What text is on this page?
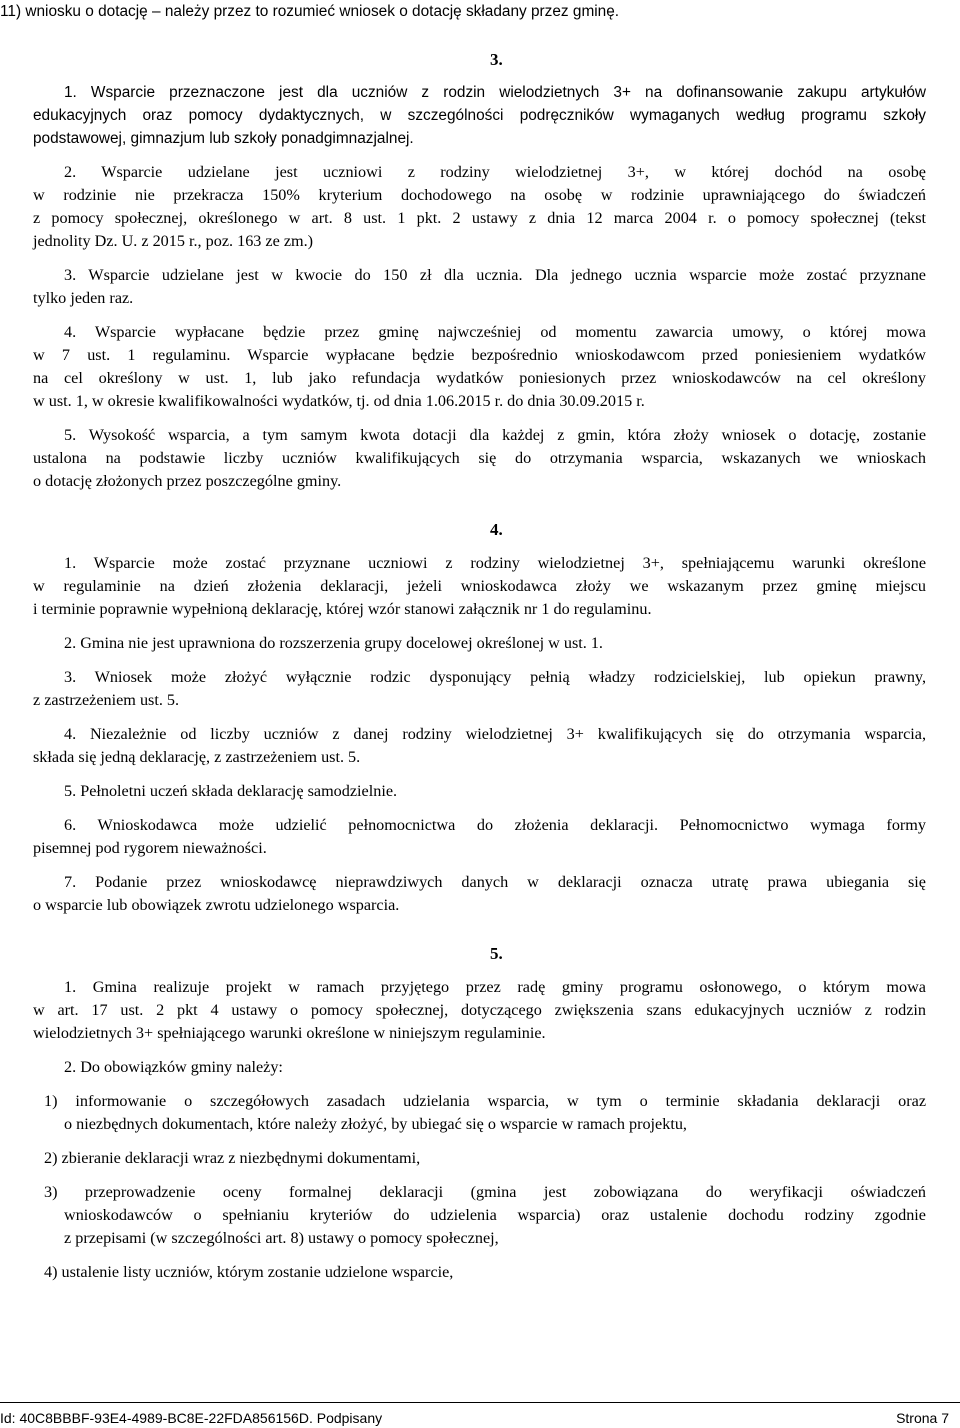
11) wniosku o dotację – należy przez to rozumieć wniosek o dotację składany przez gminę.
1. Wsparcie przeznaczone jest dla uczniów z rodzin wielodzietnych 3+ na dofinansowanie zakupu artykułów
edukacyjnych oraz pomocy dydaktycznych, w szczególności podręczników wymaganych według programu szkoły
podstawowej, gimnazjum lub szkoły ponadgimnazjalnej.
2. Wsparcie udzielane jest uczniowi z rodziny wielodzietnej 3+, w której dochód na osobę
w rodzinie nie przekracza 150% kryterium dochodowego na osobę w rodzinie uprawniającego do świadczeń
z pomocy społecznej, określonego w art. 8 ust. 1 pkt. 2 ustawy z dnia 12 marca 2004 r. o pomocy społecznej (tekst
jednolity Dz. U. z 2015 r., poz. 163 ze zm.)
3. Wsparcie udzielane jest w kwocie do 150 zł dla ucznia. Dla jednego ucznia wsparcie może zostać przyznane
tylko jeden raz.
4. Wsparcie wypłacane będzie przez gminę najwcześniej od momentu zawarcia umowy, o której mowa
w 7 ust. 1 regulaminu. Wsparcie wypłacane będzie bezpośrednio wnioskodawcom przed poniesieniem wydatków
na cel określony w ust. 1, lub jako refundacja wydatków poniesionych przez wnioskodawców na cel określony
w ust. 1, w okresie kwalifikowalności wydatków, tj. od dnia 1.06.2015 r. do dnia 30.09.2015 r.
5. Wysokość wsparcia, a tym samym kwota dotacji dla każdej z gmin, która złoży wniosek o dotację, zostanie
ustalona na podstawie liczby uczniów kwalifikujących się do otrzymania wsparcia, wskazanych we wnioskach
o dotację złożonych przez poszczególne gminy.
1. Wsparcie może zostać przyznane uczniowi z rodziny wielodzietnej 3+, spełniającemu warunki określone
w regulaminie na dzień złożenia deklaracji, jeżeli wnioskodawca złoży we wskazanym przez gminę miejscu
i terminie poprawnie wypełnioną deklarację, której wzór stanowi załącznik nr 1 do regulaminu.
2. Gmina nie jest uprawniona do rozszerzenia grupy docelowej określonej w ust. 1.
3. Wniosek może złożyć wyłącznie rodzic dysponujący pełnią władzy rodzicielskiej, lub opiekun prawny,
z zastrzeżeniem ust. 5.
4. Niezależnie od liczby uczniów z danej rodziny wielodzietnej 3+ kwalifikujących się do otrzymania wsparcia,
składa się jedną deklarację, z zastrzeżeniem ust. 5.
5. Pełnoletni uczeń składa deklarację samodzielnie.
6. Wnioskodawca może udzielić pełnomocnictwa do złożenia deklaracji. Pełnomocnictwo wymaga formy
pisemnej pod rygorem nieważności.
7. Podanie przez wnioskodawcę nieprawdziwych danych w deklaracji oznacza utratę prawa ubiegania się
o wsparcie lub obowiązek zwrotu udzielonego wsparcia.
1. Gmina realizuje projekt w ramach przyjętego przez radę gminy programu osłonowego, o którym mowa
w art. 17 ust. 2 pkt 4 ustawy o pomocy społecznej, dotyczącego zwiększenia szans edukacyjnych uczniów z rodzin
wielodzietnych 3+ spełniającego warunki określone w niniejszym regulaminie.
2. Do obowiązków gminy należy:
1) informowanie o szczegółowych zasadach udzielania wsparcia, w tym o terminie składania deklaracji oraz
o niezbędnych dokumentach, które należy złożyć, by ubiegać się o wsparcie w ramach projektu,
2) zbieranie deklaracji wraz z niezbędnymi dokumentami,
3) przeprowadzenie oceny formalnej deklaracji (gmina jest zobowiązana do weryfikacji oświadczeń
wnioskodawców o spełnianiu kryteriów do udzielenia wsparcia) oraz ustalenie dochodu rodziny zgodnie
z przepisami (w szczególności art. 8) ustawy o pomocy społecznej,
4) ustalenie listy uczniów, którym zostanie udzielone wsparcie,
3.
4.
5.
Id: 40C8BBBF-93E4-4989-BC8E-22FDA856156D. Podpisany	Strona 7
